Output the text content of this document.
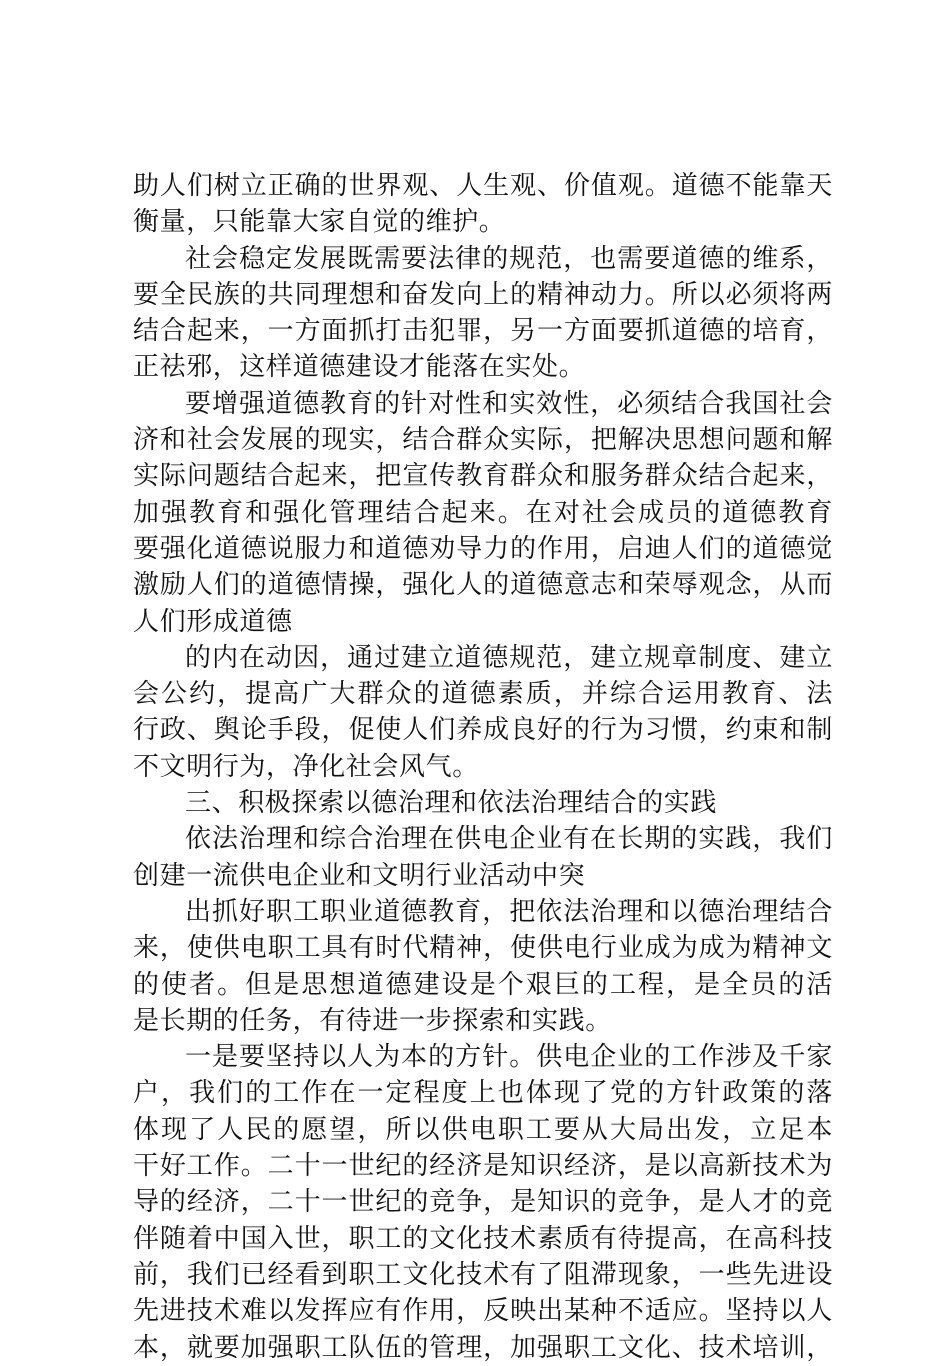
助人们树立正确的世界观、人生观、价值观。道德不能靠天
衡量，只能靠大家自觉的维护。
社会稳定发展既需要法律的规范，也需要道德的维系，
要全民族的共同理想和奋发向上的精神动力。所以必须将两
结合起来，一方面抓打击犯罪，另一方面要抓道德的培育，
正祛邪，这样道德建设才能落在实处。
要增强道德教育的针对性和实效性，必须结合我国社会
济和社会发展的现实，结合群众实际，把解决思想问题和解
实际问题结合起来，把宣传教育群众和服务群众结合起来，
加强教育和强化管理结合起来。在对社会成员的道德教育
要强化道德说服力和道德劝导力的作用，启迪人们的道德觉
激励人们的道德情操，强化人的道德意志和荣辱观念，从而
人们形成道德
的内在动因，通过建立道德规范，建立规章制度、建立
会公约，提高广大群众的道德素质，并综合运用教育、法
行政、舆论手段，促使人们养成良好的行为习惯，约束和制
不文明行为，净化社会风气。
三、积极探索以德治理和依法治理结合的实践
依法治理和综合治理在供电企业有在长期的实践，我们
创建一流供电企业和文明行业活动中突
出抓好职工职业道德教育，把依法治理和以德治理结合
来，使供电职工具有时代精神，使供电行业成为成为精神文
的使者。但是思想道德建设是个艰巨的工程，是全员的活
是长期的任务，有待进一步探索和实践。
一是要坚持以人为本的方针。供电企业的工作涉及千家
户，我们的工作在一定程度上也体现了党的方针政策的落
体现了人民的愿望，所以供电职工要从大局出发，立足本
干好工作。二十一世纪的经济是知识经济，是以高新技术为
导的经济，二十一世纪的竞争，是知识的竞争，是人才的竞
伴随着中国入世，职工的文化技术素质有待提高，在高科技
前，我们已经看到职工文化技术有了阻滞现象，一些先进设
先进技术难以发挥应有作用，反映出某种不适应。坚持以人
本，就要加强职工队伍的管理，加强职工文化、技术培训，
